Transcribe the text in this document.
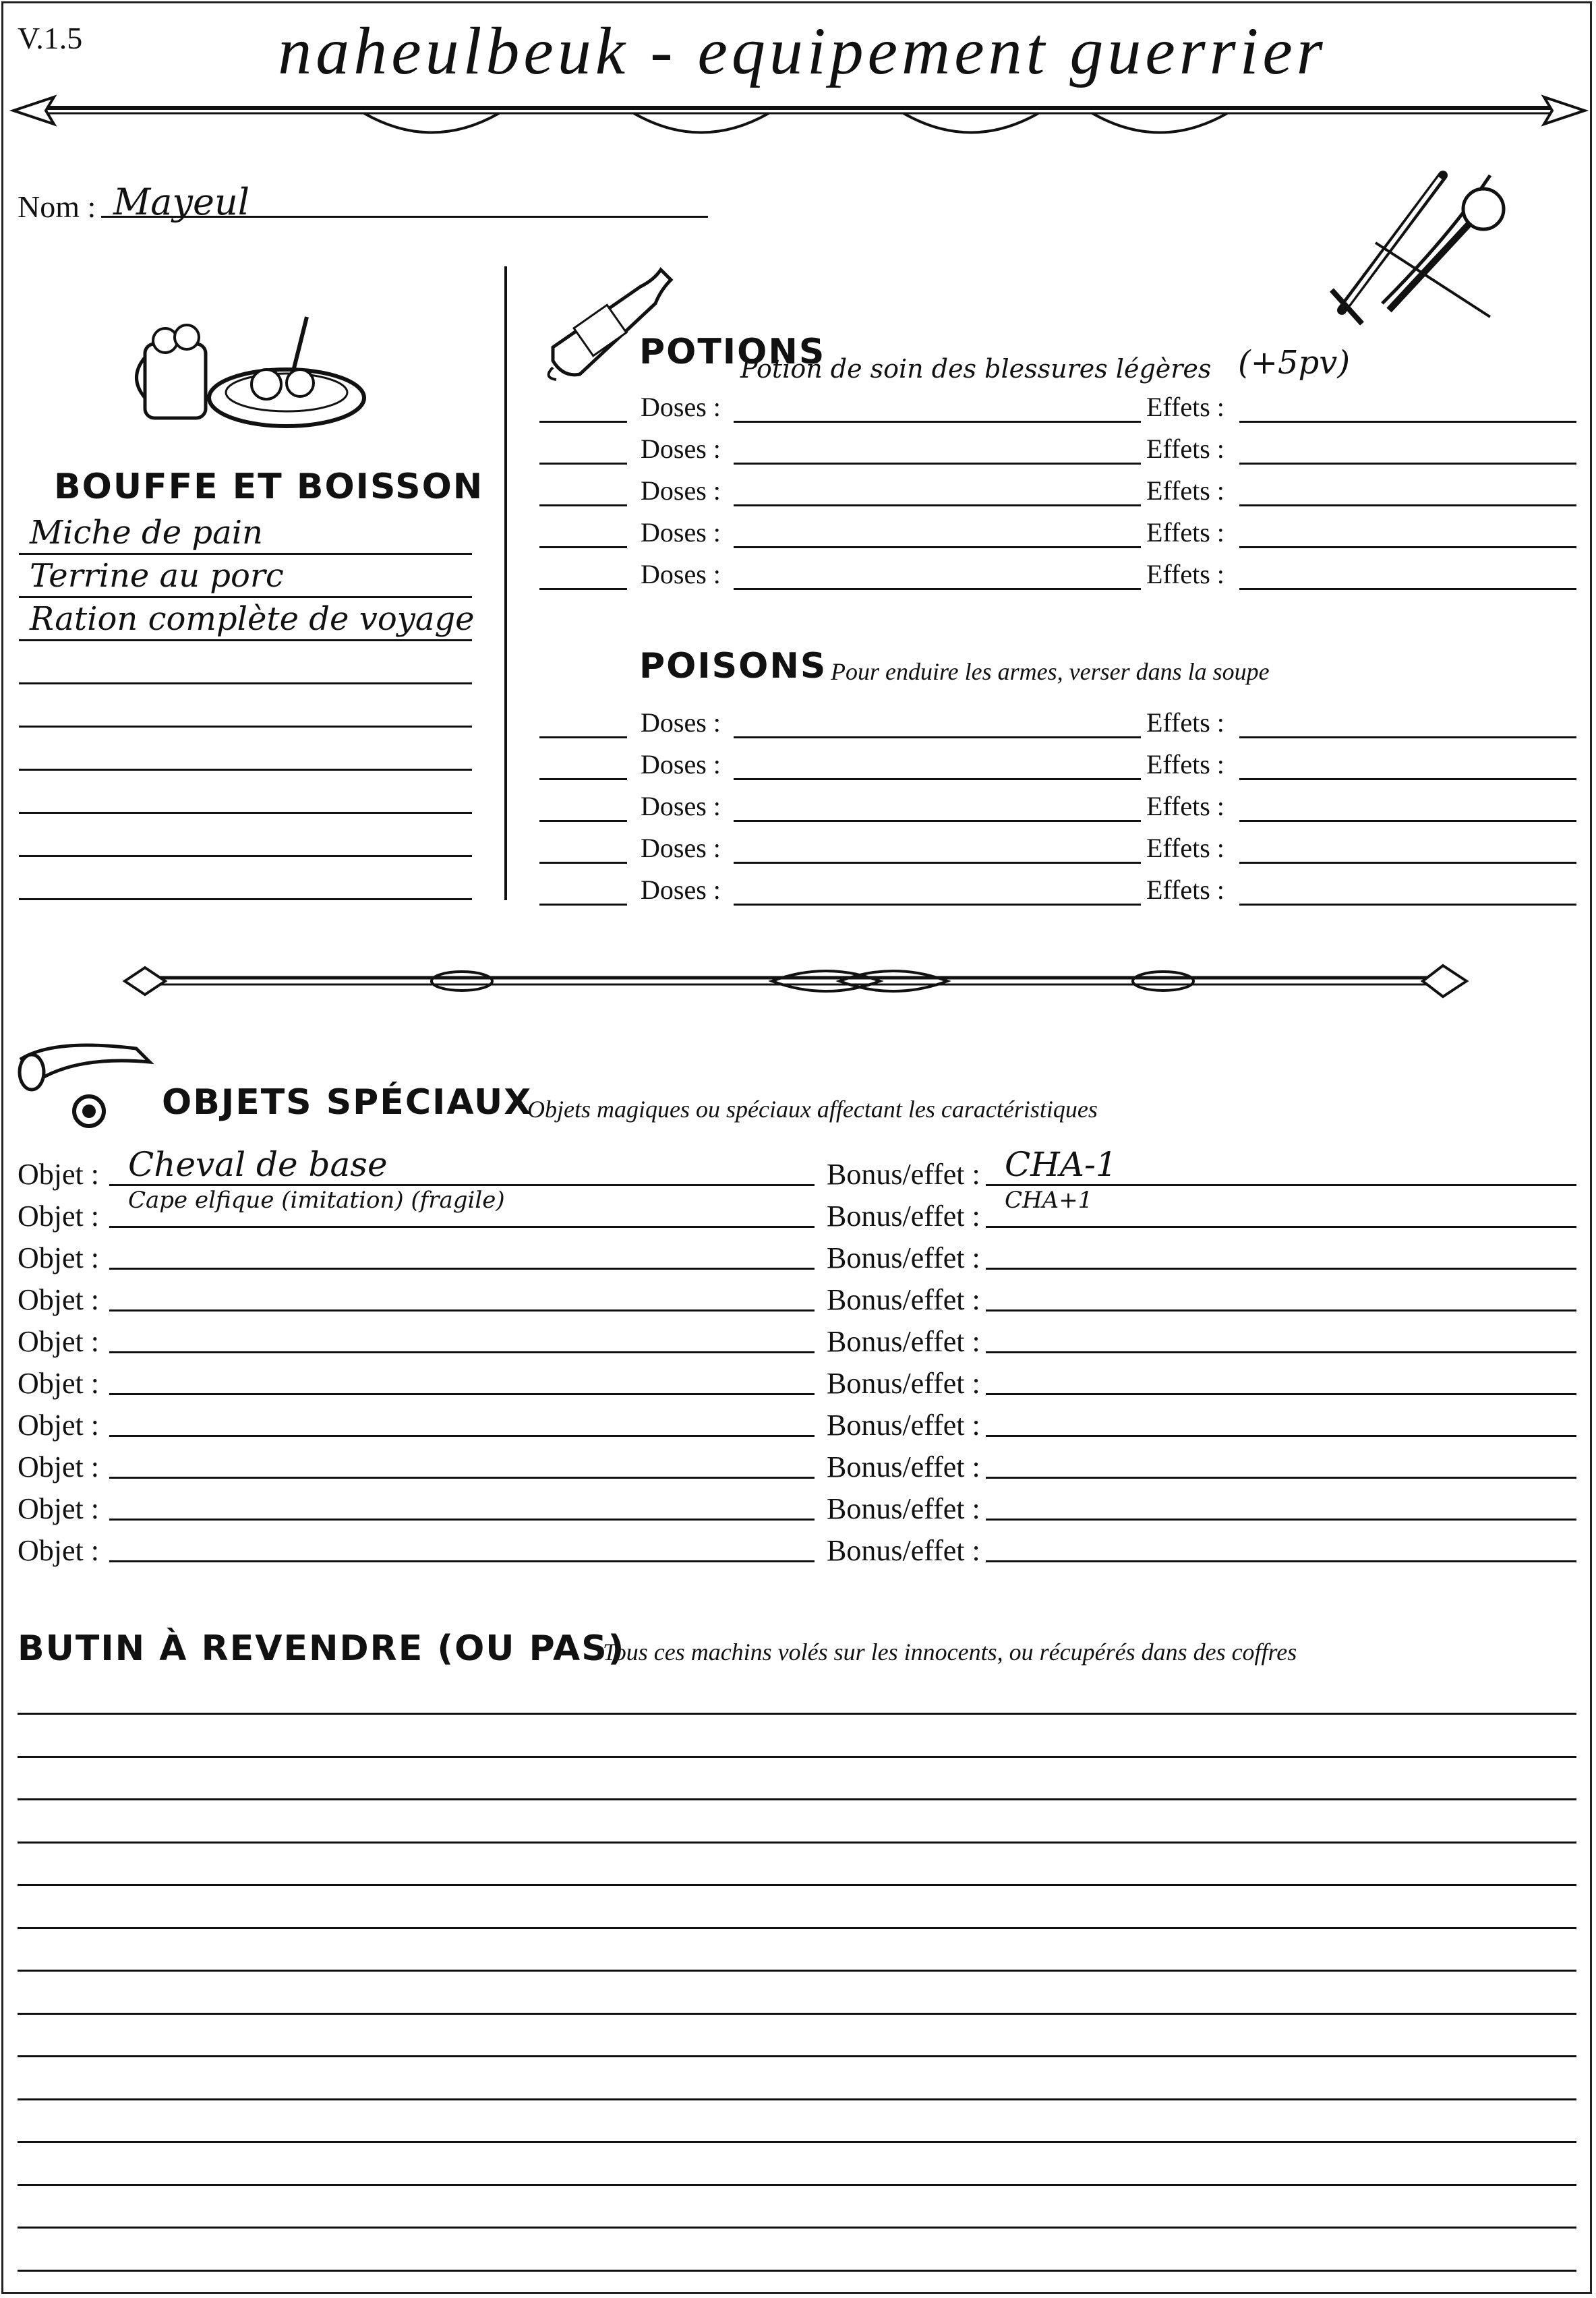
V.1.5	naheulbeuk - equipement guerrier
Nom : Mayeul
BOUFFE ET BOISSON
Miche de pain
Terrine au porc
Ration complète de voyage
POTIONS
Potion de soin des blessures légères (+5pv)
Doses :	Effets :
Doses :	Effets :
Doses :	Effets :
Doses :	Effets :
Doses :	Effets :
POISONS Pour enduire les armes, verser dans la soupe
Doses :	Effets :
Doses :	Effets :
Doses :	Effets :
Doses :	Effets :
Doses :	Effets :
OBJETS SPÉCIAUX
Objets magiques ou spéciaux affectant les caractéristiques
Objet : Cheval de base	Bonus/effet : CHA-1
Objet : Cape elfique (imitation) (fragile)	Bonus/effet : CHA+1
Objet :	Bonus/effet :
Objet :	Bonus/effet :
Objet :	Bonus/effet :
Objet :	Bonus/effet :
Objet :	Bonus/effet :
Objet :	Bonus/effet :
Objet :	Bonus/effet :
Objet :	Bonus/effet :
BUTIN À REVENDRE (OU PAS)
Tous ces machins volés sur les innocents, ou récupérés dans des coffres
